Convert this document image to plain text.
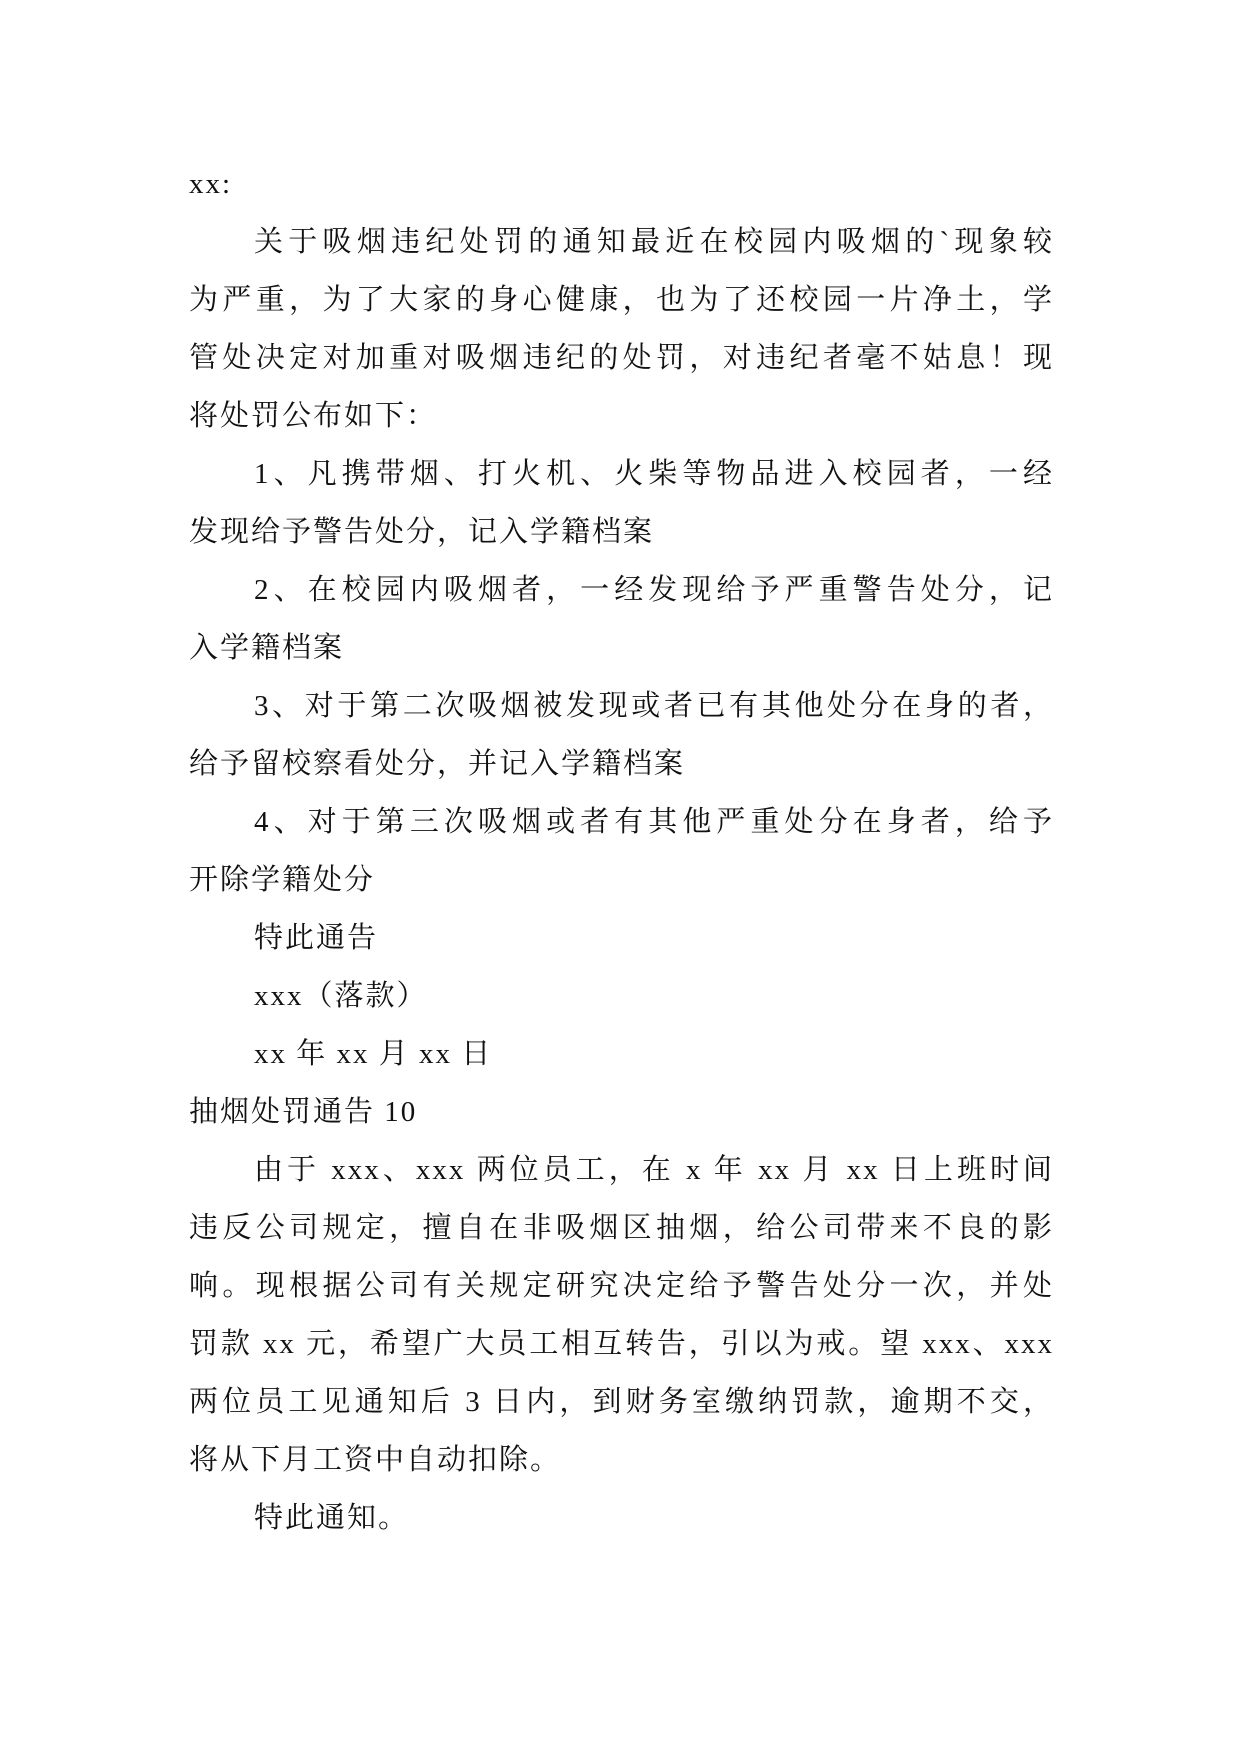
xx:
关于吸烟违纪处罚的通知最近在校园内吸烟的`现象较
为严重，为了大家的身心健康，也为了还校园一片净土，学
管处决定对加重对吸烟违纪的处罚，对违纪者毫不姑息！现
将处罚公布如下：
1、凡携带烟、打火机、火柴等物品进入校园者，一经
发现给予警告处分，记入学籍档案
2、在校园内吸烟者，一经发现给予严重警告处分，记
入学籍档案
3、对于第二次吸烟被发现或者已有其他处分在身的者，
给予留校察看处分，并记入学籍档案
4、对于第三次吸烟或者有其他严重处分在身者，给予
开除学籍处分
特此通告
xxx（落款）
xx 年 xx 月 xx 日
抽烟处罚通告 10
由于 xxx、xxx 两位员工，在 x 年 xx 月 xx 日上班时间
违反公司规定，擅自在非吸烟区抽烟，给公司带来不良的影
响。现根据公司有关规定研究决定给予警告处分一次，并处
罚款 xx 元，希望广大员工相互转告，引以为戒。望 xxx、xxx
两位员工见通知后 3 日内，到财务室缴纳罚款，逾期不交，
将从下月工资中自动扣除。
特此通知。
